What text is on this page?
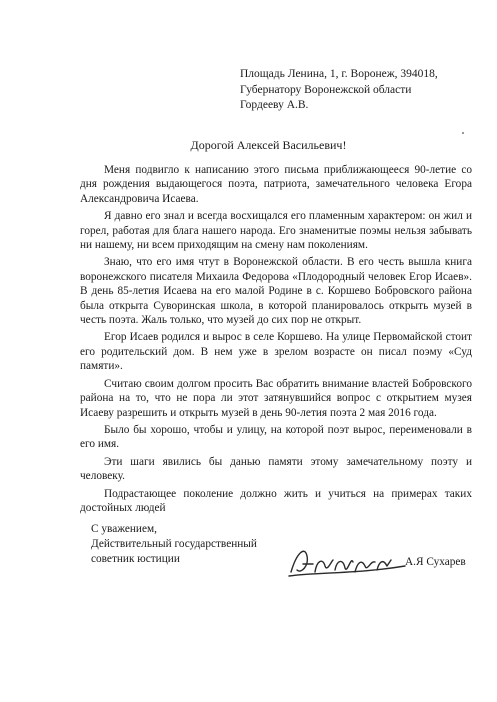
Площадь Ленина, 1, г. Воронеж, 394018,
Губернатору Воронежской области
Гордееву А.В.
Дорогой Алексей Васильевич!

Меня подвигло к написанию этого письма приближающееся 90-летие со дня рождения выдающегося поэта, патриота, замечательного человека Егора Александровича Исаева.

Я давно его знал и всегда восхищался его пламенным характером: он жил и горел, работая для блага нашего народа. Его знаменитые поэмы нельзя забывать ни нашему, ни всем приходящим на смену нам поколениям.

Знаю, что его имя чтут в Воронежской области. В его честь вышла книга воронежского писателя Михаила Федорова «Плодородный человек Егор Исаев». В день 85-летия Исаева на его малой Родине в с. Коршево Бобровского района была открыта Суворинская школа, в которой планировалось открыть музей в честь поэта. Жаль только, что музей до сих пор не открыт.

Егор Исаев родился и вырос в селе Коршево. На улице Первомайской стоит его родительский дом. В нем уже в зрелом возрасте он писал поэму «Суд памяти».

Считаю своим долгом просить Вас обратить внимание властей Бобровского района на то, что не пора ли этот затянувшийся вопрос с открытием музея Исаеву разрешить и открыть музей в день 90-летия поэта 2 мая 2016 года.

Было бы хорошо, чтобы и улицу, на которой поэт вырос, переименовали в его имя.

Эти шаги явились бы данью памяти этому замечательному поэту и человеку.

Подрастающее поколение должно жить и учиться на примерах таких достойных людей

С уважением,
Действительный государственный
советник юстиции	А.Я Сухарев
